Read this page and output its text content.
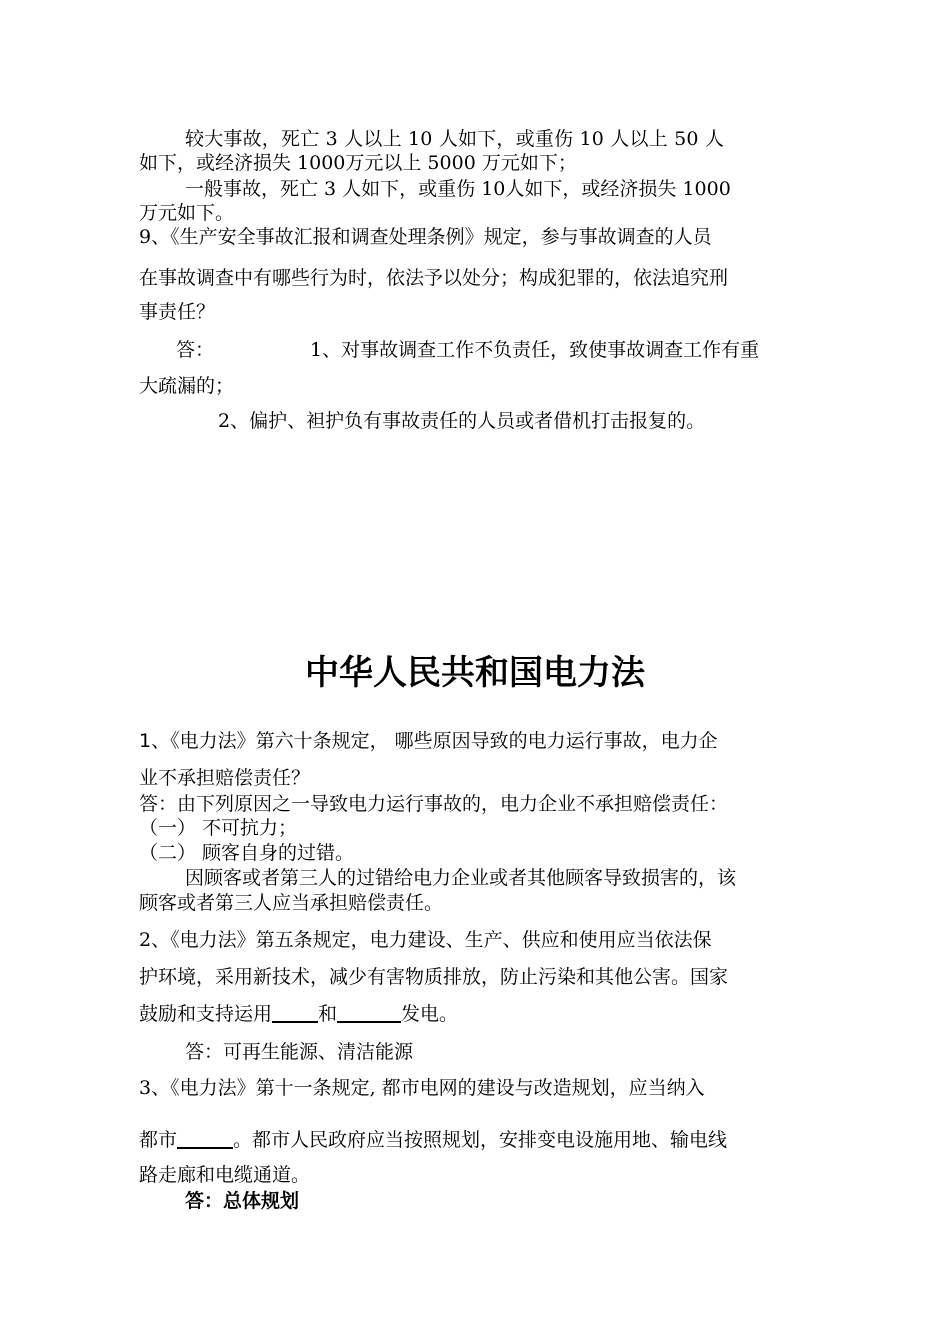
较大事故，死亡 3 人以上 10 人如下，或重伤 10 人以上 50 人
如下，或经济损失 1000万元以上 5000 万元如下；
一般事故，死亡 3 人如下，或重伤 10人如下，或经济损失 1000
万元如下。
9、《生产安全事故汇报和调查处理条例》规定，参与事故调查的人员
在事故调查中有哪些行为时，依法予以处分；构成犯罪的，依法追究刑
事责任？
答：	1、对事故调查工作不负责任，致使事故调查工作有重
大疏漏的；
2、偏护、袒护负有事故责任的人员或者借机打击报复的。
中华人民共和国电力法
1、《电力法》第六十条规定， 哪些原因导致的电力运行事故，电力企
业不承担赔偿责任？
答：由下列原因之一导致电力运行事故的，电力企业不承担赔偿责任：
（一） 不可抗力；
（二） 顾客自身的过错。
因顾客或者第三人的过错给电力企业或者其他顾客导致损害的，该
顾客或者第三人应当承担赔偿责任。
2、《电力法》第五条规定，电力建设、生产、供应和使用应当依法保
护环境，采用新技术，减少有害物质排放，防止污染和其他公害。国家
鼓励和支持运用 和	发电。
答：可再生能源、清洁能源
3、《电力法》第十一条规定, 都市电网的建设与改造规划，应当纳入
都市	。都市人民政府应当按照规划，安排变电设施用地、输电线
路走廊和电缆通道。
答：总体规划
